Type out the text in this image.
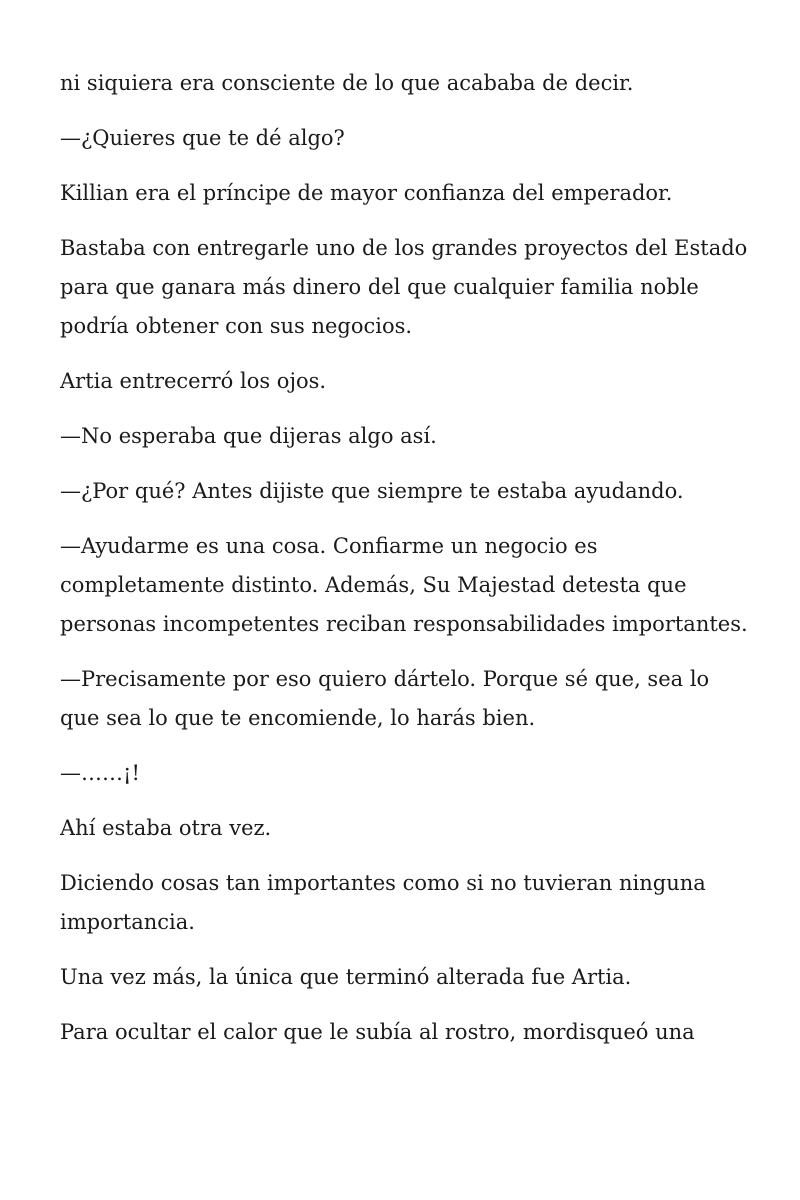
ni siquiera era consciente de lo que acababa de decir.

—¿Quieres que te dé algo?

Killian era el príncipe de mayor confianza del emperador.

Bastaba con entregarle uno de los grandes proyectos del Estado para que ganara más dinero del que cualquier familia noble podría obtener con sus negocios.

Artia entrecerró los ojos.

—No esperaba que dijeras algo así.

—¿Por qué? Antes dijiste que siempre te estaba ayudando.

—Ayudarme es una cosa. Confiarme un negocio es completamente distinto. Además, Su Majestad detesta que personas incompetentes reciban responsabilidades importantes.

—Precisamente por eso quiero dártelo. Porque sé que, sea lo que sea lo que te encomiende, lo harás bien.

—……¡!

Ahí estaba otra vez.

Diciendo cosas tan importantes como si no tuvieran ninguna importancia.

Una vez más, la única que terminó alterada fue Artia.

Para ocultar el calor que le subía al rostro, mordisqueó una
